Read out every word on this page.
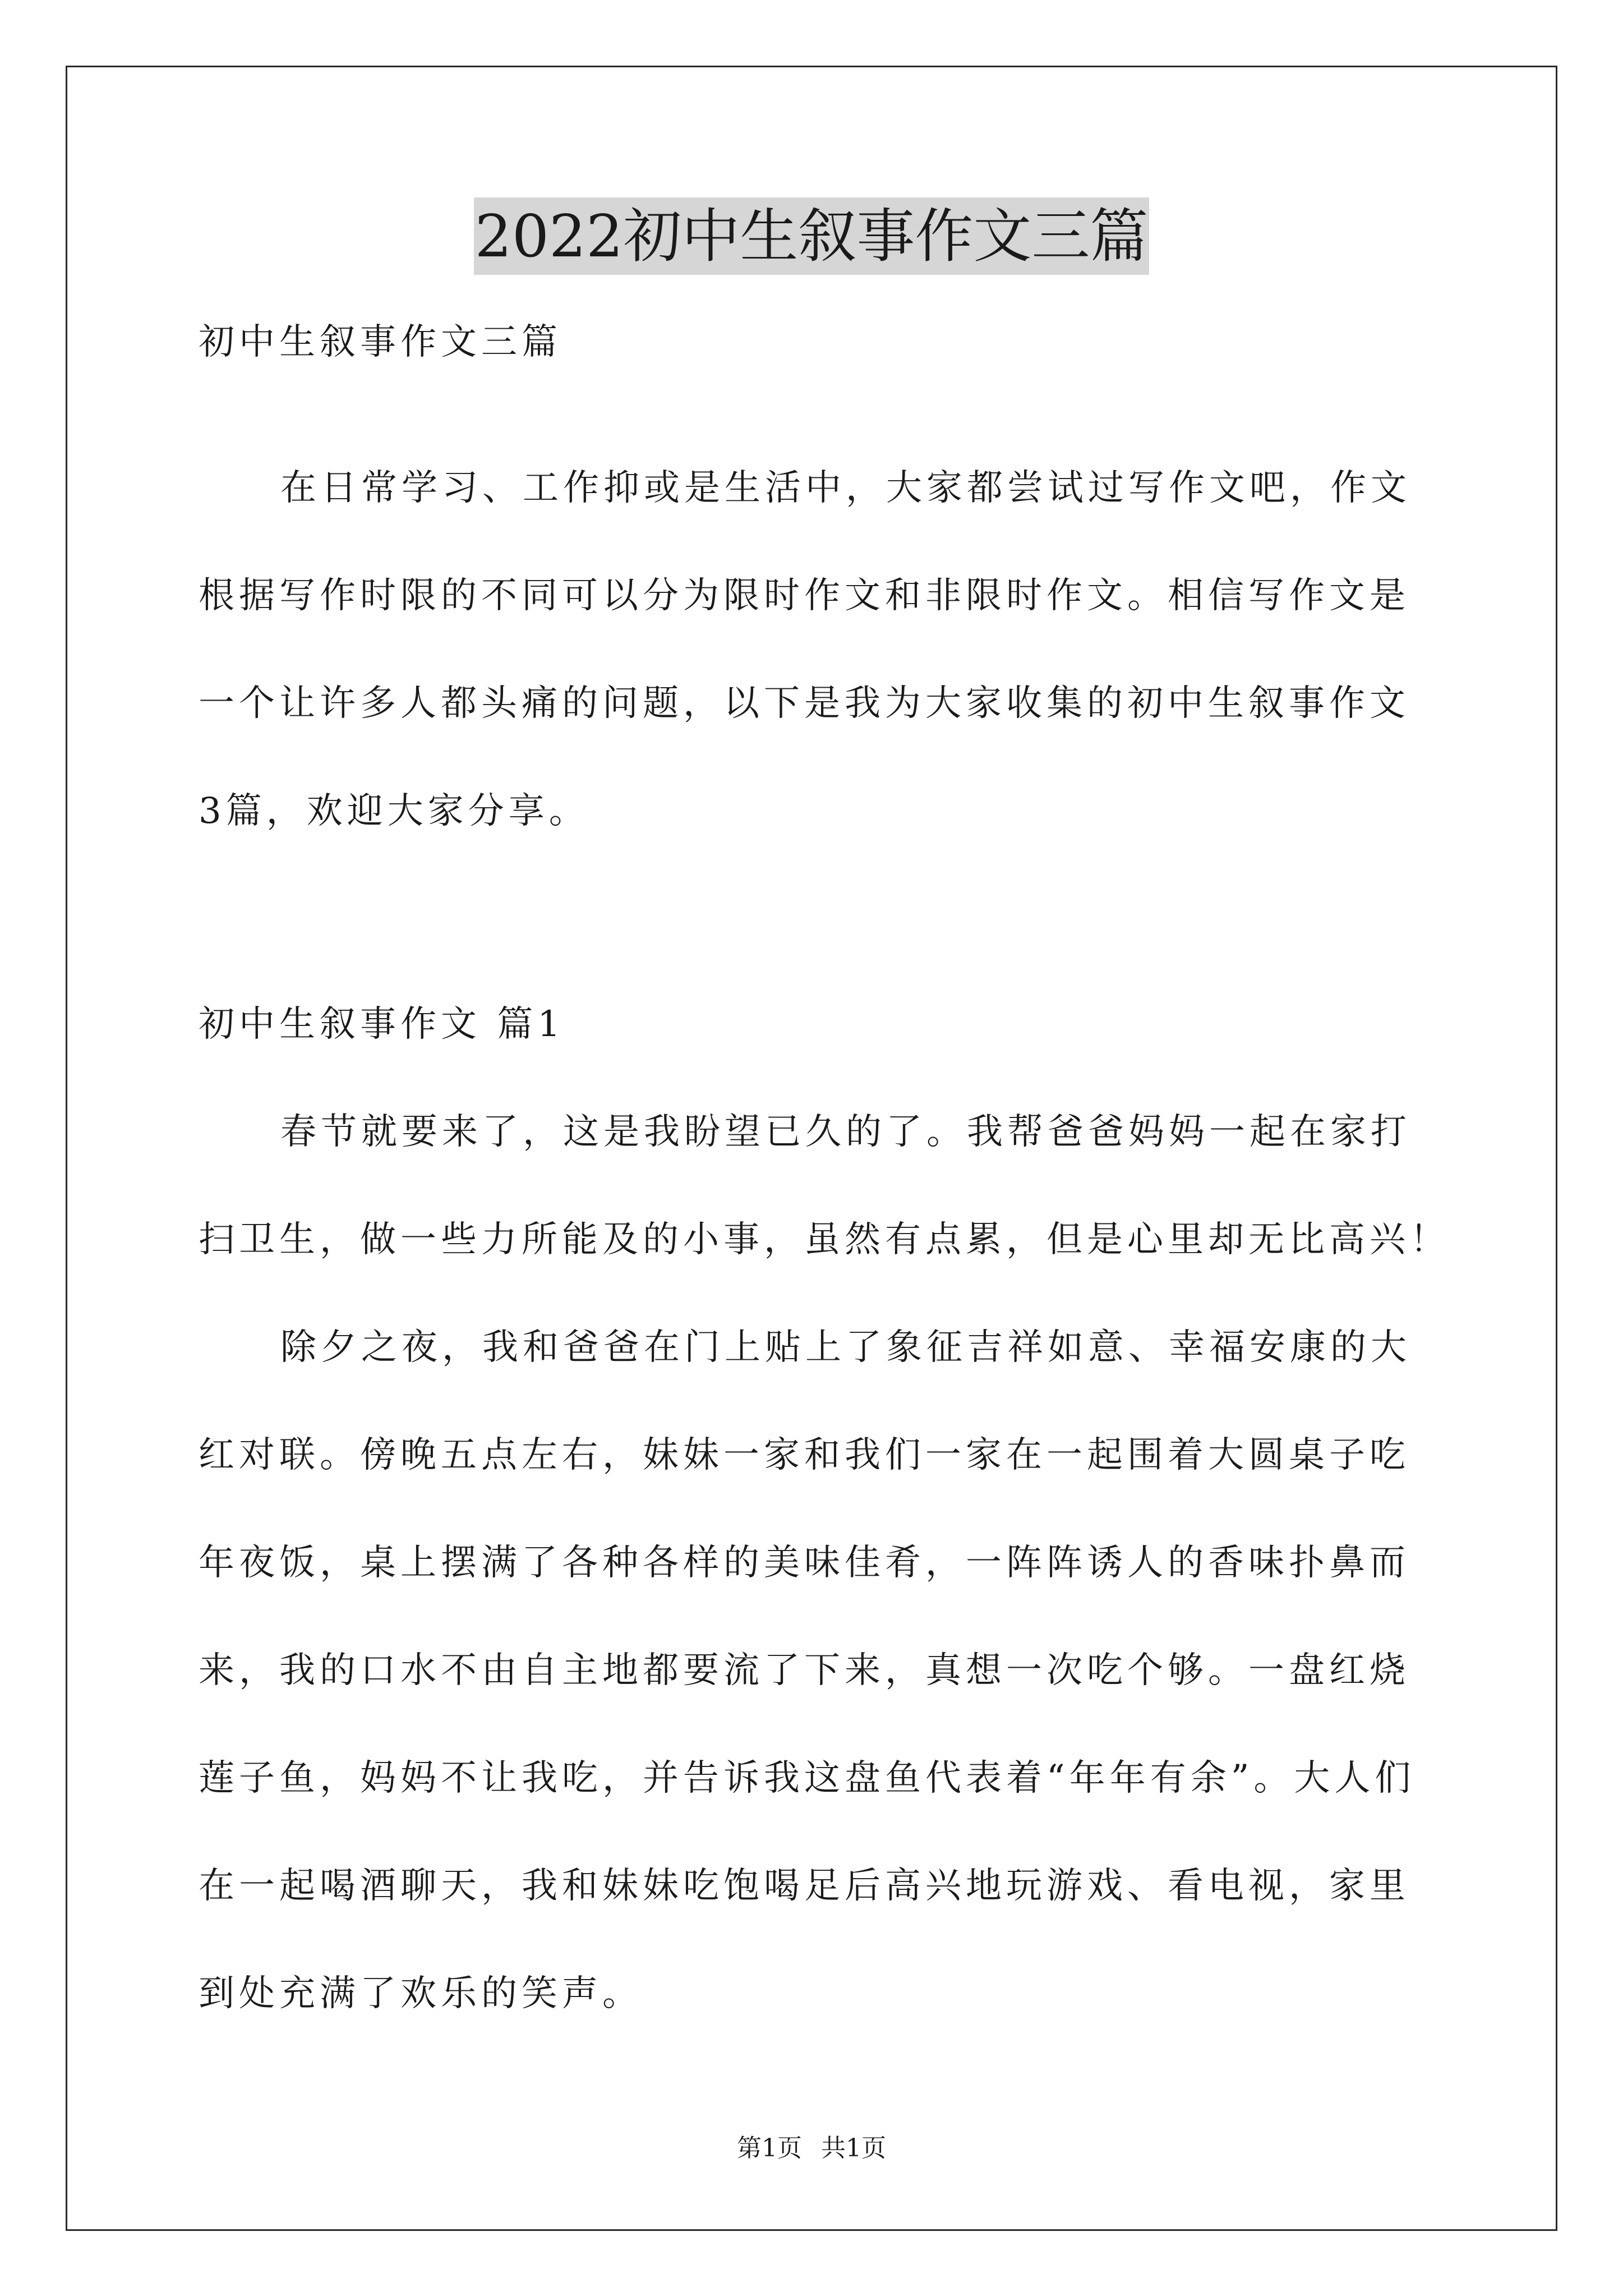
2022初中生叙事作文三篇
初中生叙事作文三篇
在日常学习、工作抑或是生活中，大家都尝试过写作文吧，作文
根据写作时限的不同可以分为限时作文和非限时作文。相信写作文是
一个让许多人都头痛的问题，以下是我为大家收集的初中生叙事作文
3篇，欢迎大家分享。
初中生叙事作文 篇1
春节就要来了，这是我盼望已久的了。我帮爸爸妈妈一起在家打
扫卫生，做一些力所能及的小事，虽然有点累，但是心里却无比高兴！
除夕之夜，我和爸爸在门上贴上了象征吉祥如意、幸福安康的大
红对联。傍晚五点左右，妹妹一家和我们一家在一起围着大圆桌子吃
年夜饭，桌上摆满了各种各样的美味佳肴，一阵阵诱人的香味扑鼻而
来，我的口水不由自主地都要流了下来，真想一次吃个够。一盘红烧
莲子鱼，妈妈不让我吃，并告诉我这盘鱼代表着“年年有余”。大人们
在一起喝酒聊天，我和妹妹吃饱喝足后高兴地玩游戏、看电视，家里
到处充满了欢乐的笑声。
第1页 共1页
